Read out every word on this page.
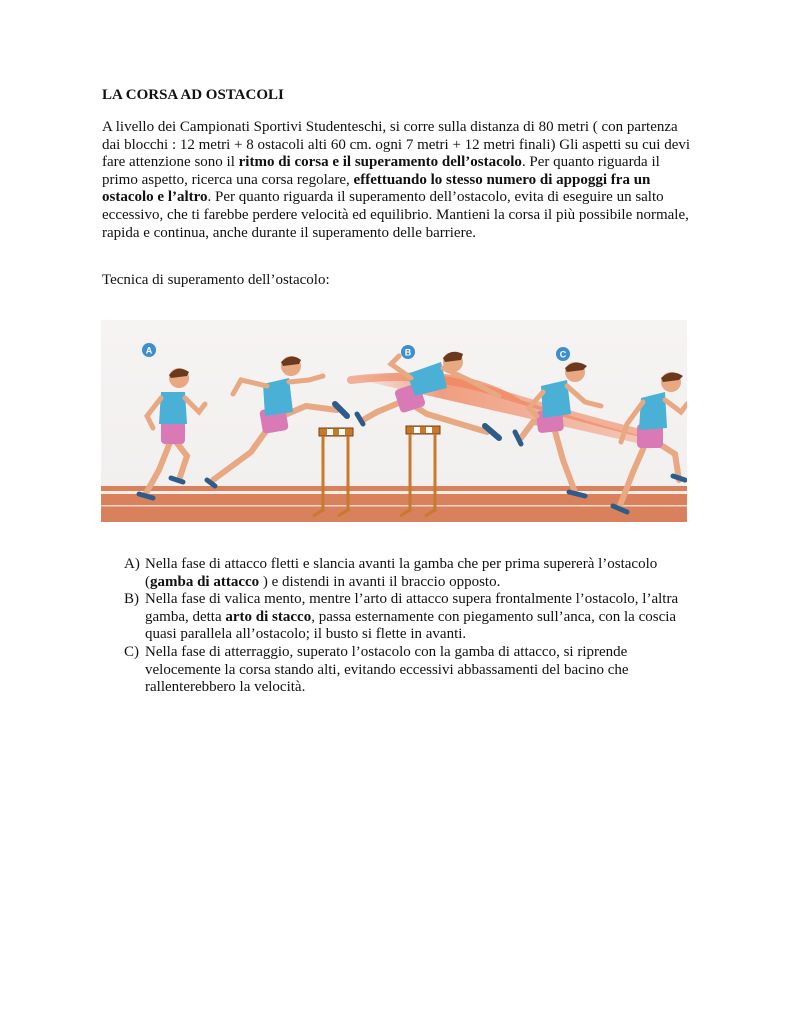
LA CORSA AD OSTACOLI

A livello dei Campionati Sportivi Studenteschi, si corre sulla distanza di 80 metri ( con partenza dai blocchi : 12 metri + 8 ostacoli alti 60 cm. ogni 7 metri + 12 metri finali) Gli aspetti su cui devi fare attenzione sono il ritmo di corsa e il superamento dell’ostacolo. Per quanto riguarda il primo aspetto, ricerca una corsa regolare, effettuando lo stesso numero di appoggi fra un ostacolo e l’altro. Per quanto riguarda il superamento dell’ostacolo, evita di eseguire un salto eccessivo, che ti farebbe perdere velocità ed equilibrio. Mantieni la corsa il più possibile normale, rapida e continua, anche durante il superamento delle barriere.

Tecnica di superamento dell’ostacolo:

A	B	C
A) Nella fase di attacco fletti e slancia avanti la gamba che per prima supererà l’ostacolo (gamba di attacco ) e distendi in avanti il braccio opposto.
B) Nella fase di valica mento, mentre l’arto di attacco supera frontalmente l’ostacolo, l’altra gamba, detta arto di stacco, passa esternamente con piegamento sull’anca, con la coscia quasi parallela all’ostacolo; il busto si flette in avanti.
C) Nella fase di atterraggio, superato l’ostacolo con la gamba di attacco, si riprende velocemente la corsa stando alti, evitando eccessivi abbassamenti del bacino che rallenterebbero la velocità.
